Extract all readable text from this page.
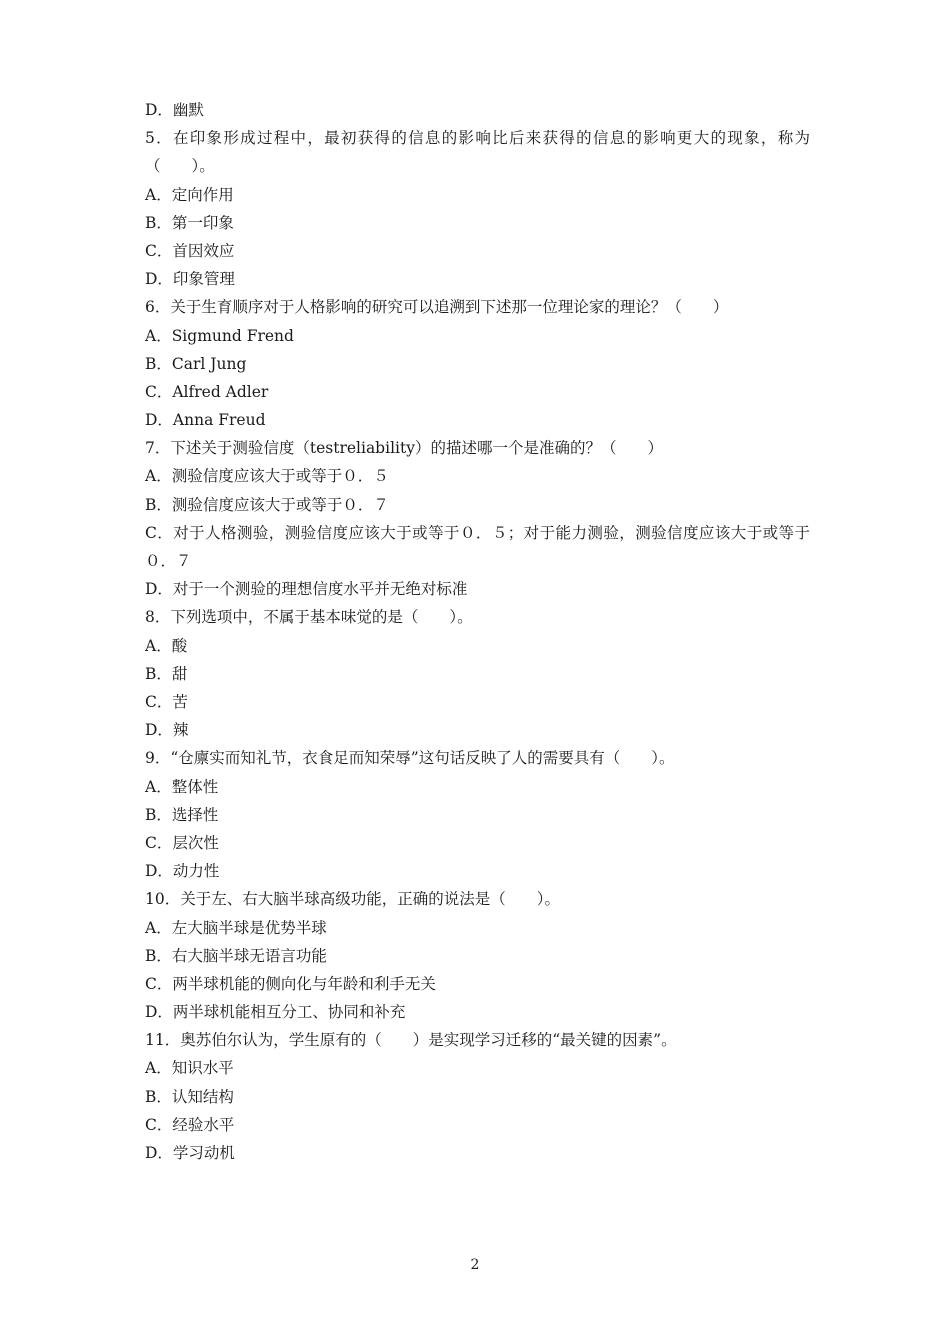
D．幽默
5．在印象形成过程中，最初获得的信息的影响比后来获得的信息的影响更大的现象，称为（　　）。
A．定向作用
B．第一印象
C．首因效应
D．印象管理
6．关于生育顺序对于人格影响的研究可以追溯到下述那一位理论家的理论？（　　）
A．Sigmund Frend
B．Carl Jung
C．Alfred Adler
D．Anna Freud
7．下述关于测验信度（testreliability）的描述哪一个是准确的？（　　）
A．测验信度应该大于或等于０．５
B．测验信度应该大于或等于０．７
C．对于人格测验，测验信度应该大于或等于０．５；对于能力测验，测验信度应该大于或等于０．７
D．对于一个测验的理想信度水平并无绝对标准
8．下列选项中，不属于基本味觉的是（　　）。
A．酸
B．甜
C．苦
D．辣
9．“仓廪实而知礼节，衣食足而知荣辱”这句话反映了人的需要具有（　　）。
A．整体性
B．选择性
C．层次性
D．动力性
10．关于左、右大脑半球高级功能，正确的说法是（　　）。
A．左大脑半球是优势半球
B．右大脑半球无语言功能
C．两半球机能的侧向化与年龄和利手无关
D．两半球机能相互分工、协同和补充
11．奥苏伯尔认为，学生原有的（　　）是实现学习迁移的“最关键的因素”。
A．知识水平
B．认知结构
C．经验水平
D．学习动机
2
